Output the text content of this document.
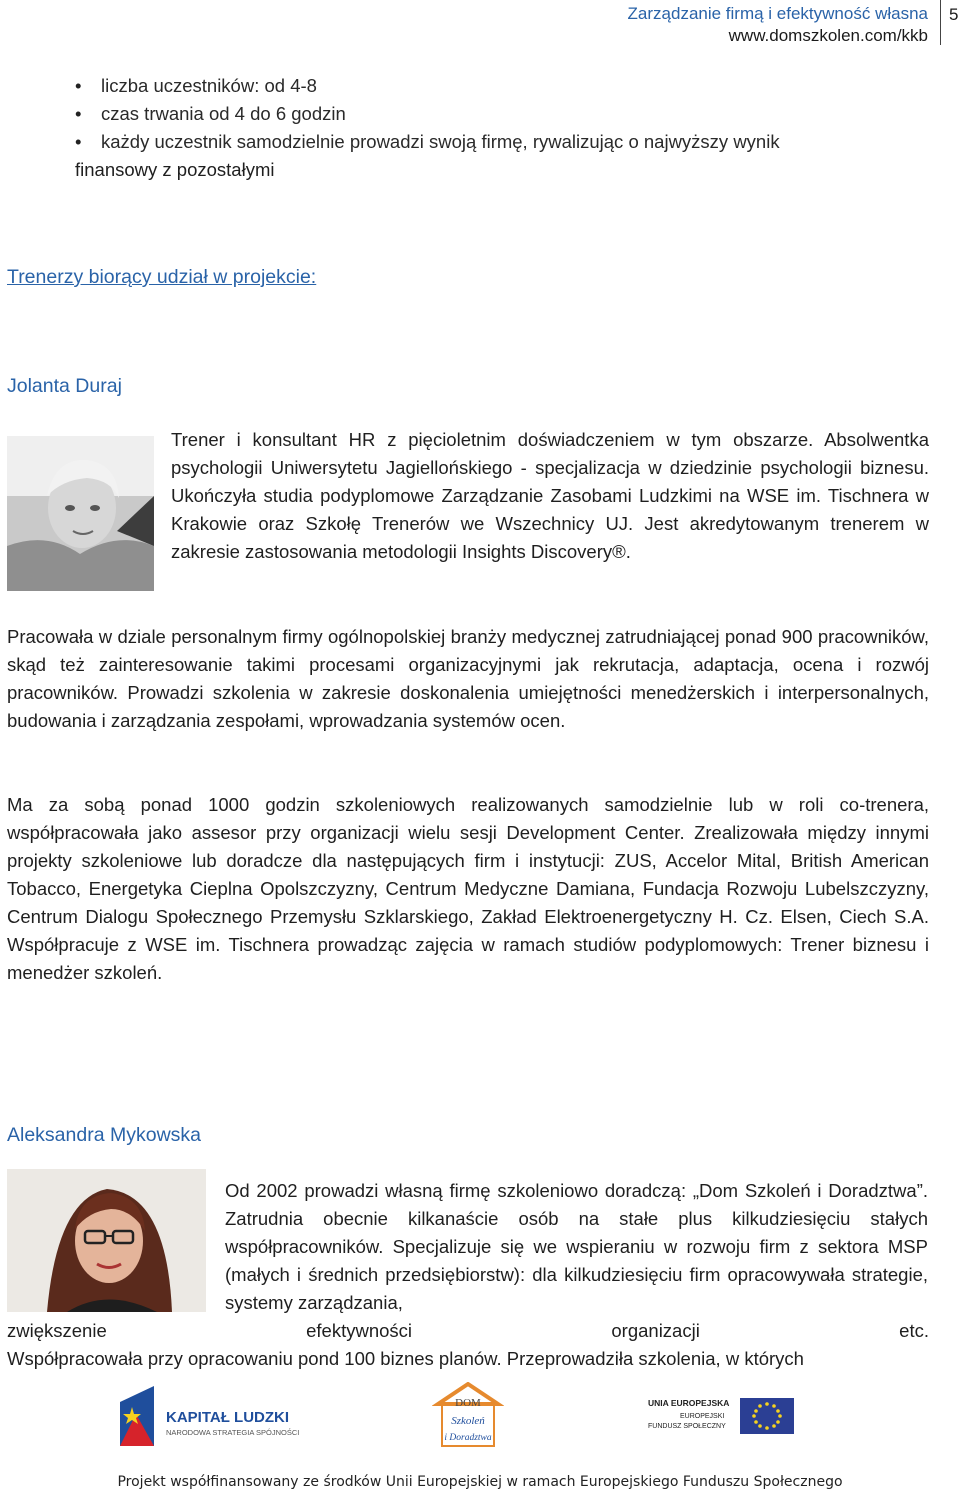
Zarządzanie firmą i efektywność własna
www.domszkolen.com/kkb
5
• liczba uczestników: od 4-8
• czas trwania od 4 do 6 godzin
• każdy uczestnik samodzielnie prowadzi swoją firmę, rywalizując o najwyższy wynik
finansowy z pozostałymi
Trenerzy biorący udział w projekcie:
Jolanta Duraj
Trener i konsultant HR z pięcioletnim doświadczeniem w tym obszarze. Absolwentka psychologii Uniwersytetu Jagiellońskiego - specjalizacja w dziedzinie psychologii biznesu. Ukończyła studia podyplomowe Zarządzanie Zasobami Ludzkimi na WSE im. Tischnera w Krakowie oraz Szkołę Trenerów we Wszechnicy UJ. Jest akredytowanym trenerem w zakresie zastosowania metodologii Insights Discovery®.
Pracowała w dziale personalnym firmy ogólnopolskiej branży medycznej zatrudniającej ponad 900 pracowników, skąd też zainteresowanie takimi procesami organizacyjnymi jak rekrutacja, adaptacja, ocena i rozwój pracowników. Prowadzi szkolenia w zakresie doskonalenia umiejętności menedżerskich i interpersonalnych, budowania i zarządzania zespołami, wprowadzania systemów ocen.
Ma za sobą ponad 1000 godzin szkoleniowych realizowanych samodzielnie lub w roli co-trenera, współpracowała jako assesor przy organizacji wielu sesji Development Center. Zrealizowała między innymi projekty szkoleniowe lub doradcze dla następujących firm i instytucji: ZUS, Accelor Mital, British American Tobacco, Energetyka Cieplna Opolszczyzny, Centrum Medyczne Damiana, Fundacja Rozwoju Lubelszczyzny, Centrum Dialogu Społecznego Przemysłu Szklarskiego, Zakład Elektroenergetyczny H. Cz. Elsen, Ciech S.A. Współpracuje z WSE im. Tischnera prowadząc zajęcia w ramach studiów podyplomowych: Trener biznesu i menedżer szkoleń.
Aleksandra Mykowska
Od 2002 prowadzi własną firmę szkoleniowo doradczą: „Dom Szkoleń i Doradztwa”. Zatrudnia obecnie kilkanaście osób na stałe plus kilkudziesięciu stałych współpracowników. Specjalizuje się we wspieraniu w rozwoju firm z sektora MSP (małych i średnich przedsiębiorstw): dla kilkudziesięciu firm opracowywała strategie, systemy zarządzania,
zwiększenie	efektywności	organizacji	etc.
Współpracowała przy opracowaniu pond 100 biznes planów. Przeprowadziła szkolenia, w których
KAPITAŁ LUDZKI
NARODOWA STRATEGIA SPÓJNOŚCI
DOM
Szkoleń
i Doradztwa
UNIA EUROPEJSKA
EUROPEJSKI
FUNDUSZ SPOŁECZNY
Projekt współfinansowany ze środków Unii Europejskiej w ramach Europejskiego Funduszu Społecznego
